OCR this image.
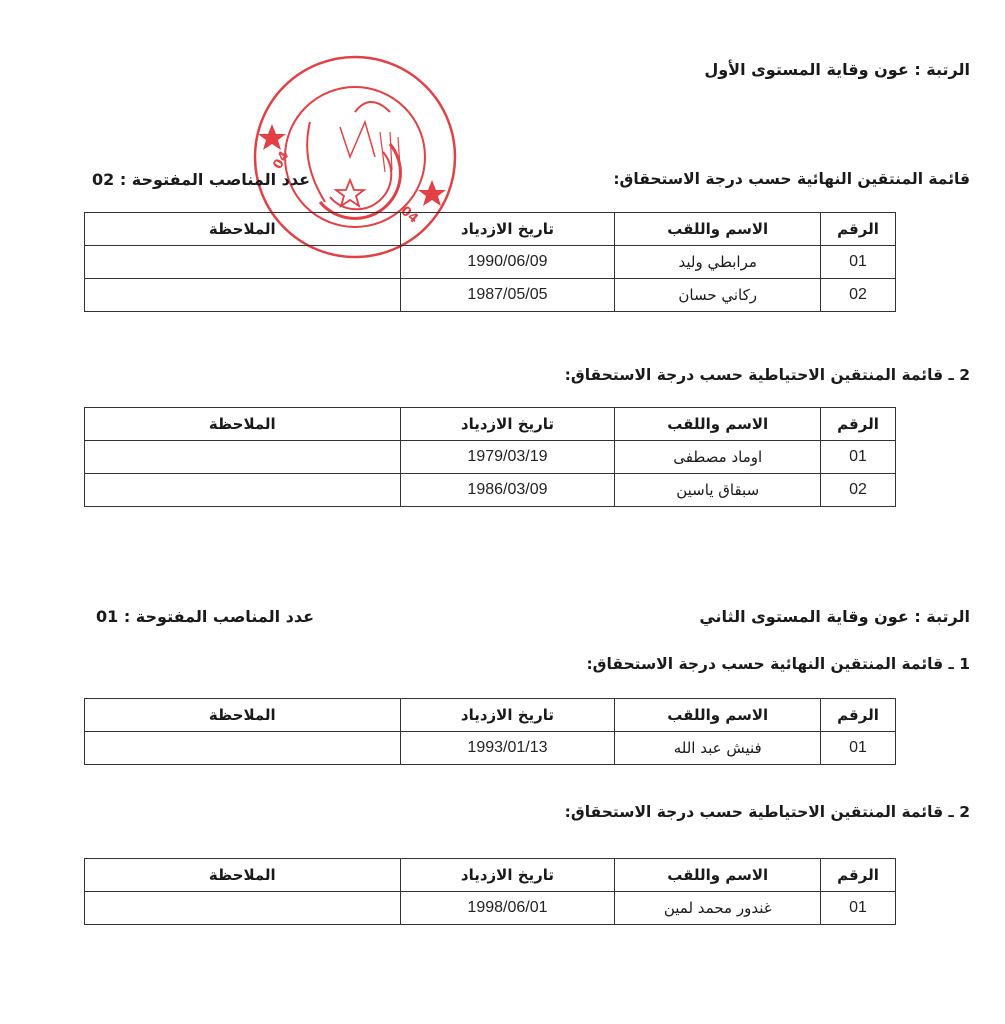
04
04
الرتبة : عون وقاية المستوى الأول
عدد المناصب المفتوحة : 02	قائمة المنتقين النهائية حسب درجة الاستحقاق:
الرقم	الاسم واللقب	تاريخ الازدياد	الملاحظة
01	مرابطي وليد	1990/06/09	
02	ركاني حسان	1987/05/05	
2 ـ قائمة المنتقين الاحتياطية حسب درجة الاستحقاق:
الرقم	الاسم واللقب	تاريخ الازدياد	الملاحظة
01	اوماد مصطفى	1979/03/19	
02	سبقاق ياسين	1986/03/09	
الرتبة : عون وقاية المستوى الثاني
عدد المناصب المفتوحة : 01
1 ـ قائمة المنتقين النهائية حسب درجة الاستحقاق:
الرقم	الاسم واللقب	تاريخ الازدياد	الملاحظة
01	فنيش عبد الله	1993/01/13	
2 ـ قائمة المنتقين الاحتياطية حسب درجة الاستحقاق:
الرقم	الاسم واللقب	تاريخ الازدياد	الملاحظة
01	غندور محمد لمين	1998/06/01	
